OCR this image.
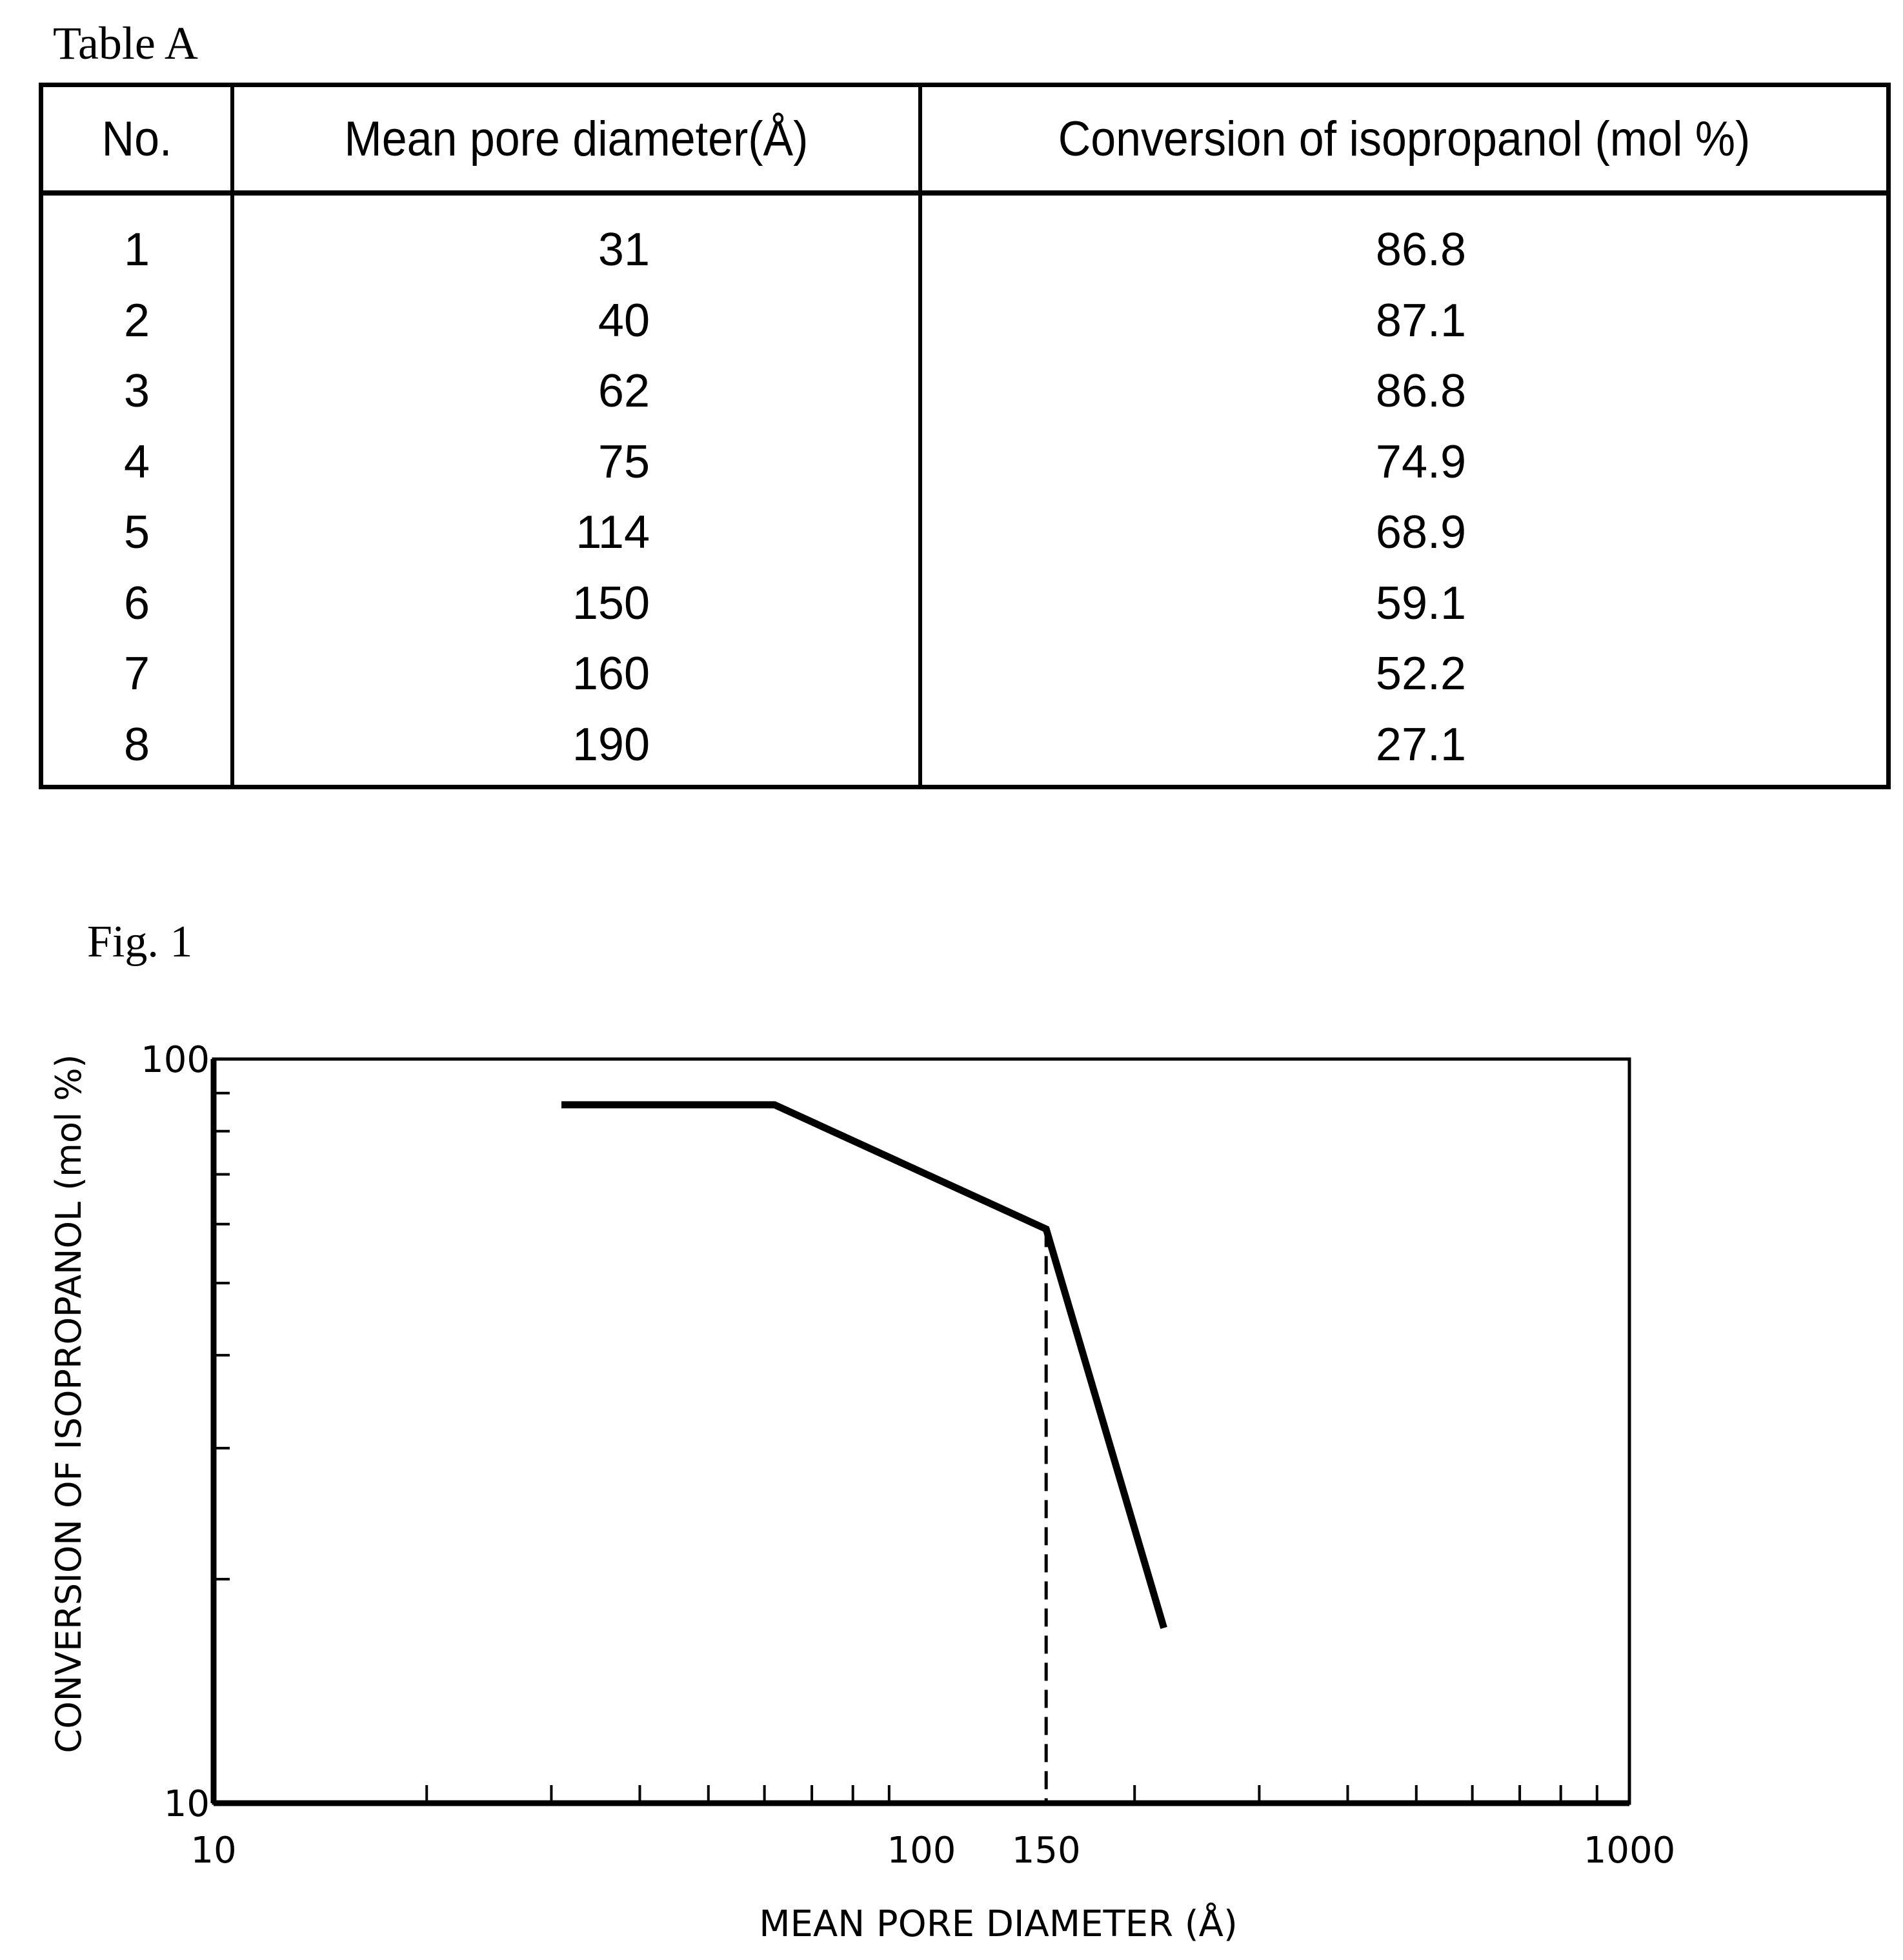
Table A
No.	Mean pore diameter(Å)	Conversion of isopropanol (mol %)
1	31	86.8
2	40	87.1
3	62	86.8
4	75	74.9
5	114	68.9
6	150	59.1
7	160	52.2
8	190	27.1
Fig. 1
10	100 150	1000
10
100
MEAN PORE DIAMETER (Å)
CONVERSION OF ISOPROPANOL (mol %)
